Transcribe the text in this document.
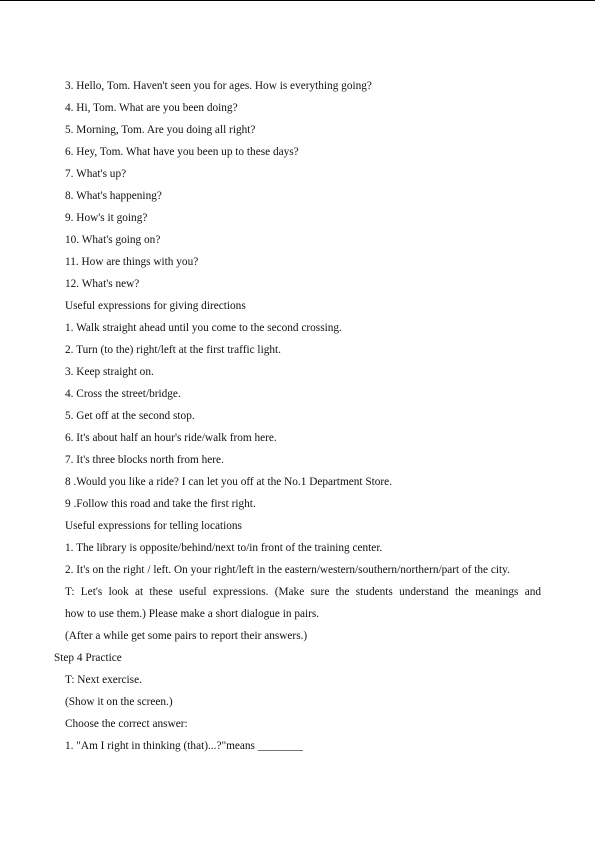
3. Hello, Tom. Haven't seen you for ages. How is everything going?
4. Hi, Tom. What are you been doing?
5. Morning, Tom. Are you doing all right?
6. Hey, Tom. What have you been up to these days?
7. What's up?
8. What's happening?
9. How's it going?
10. What's going on?
11. How are things with you?
12. What's new?
Useful expressions for giving directions
1. Walk straight ahead until you come to the second crossing.
2. Turn (to the) right/left at the first traffic light.
3. Keep straight on.
4. Cross the street/bridge.
5. Get off at the second stop.
6. It's about half an hour's ride/walk from here.
7. It's three blocks north from here.
8 .Would you like a ride? I can let you off at the No.1 Department Store.
9 .Follow this road and take the first right.
Useful expressions for telling locations
1. The library is opposite/behind/next to/in front of the training center.
2. It's on the right / left. On your right/left in the eastern/western/southern/northern/part of the city.
T: Let's look at these useful expressions. (Make sure the students understand the meanings and
how to use them.) Please make a short dialogue in pairs.
(After a while get some pairs to report their answers.)
Step 4 Practice
T: Next exercise.
(Show it on the screen.)
Choose the correct answer:
1. "Am I right in thinking (that)...?"means ________
